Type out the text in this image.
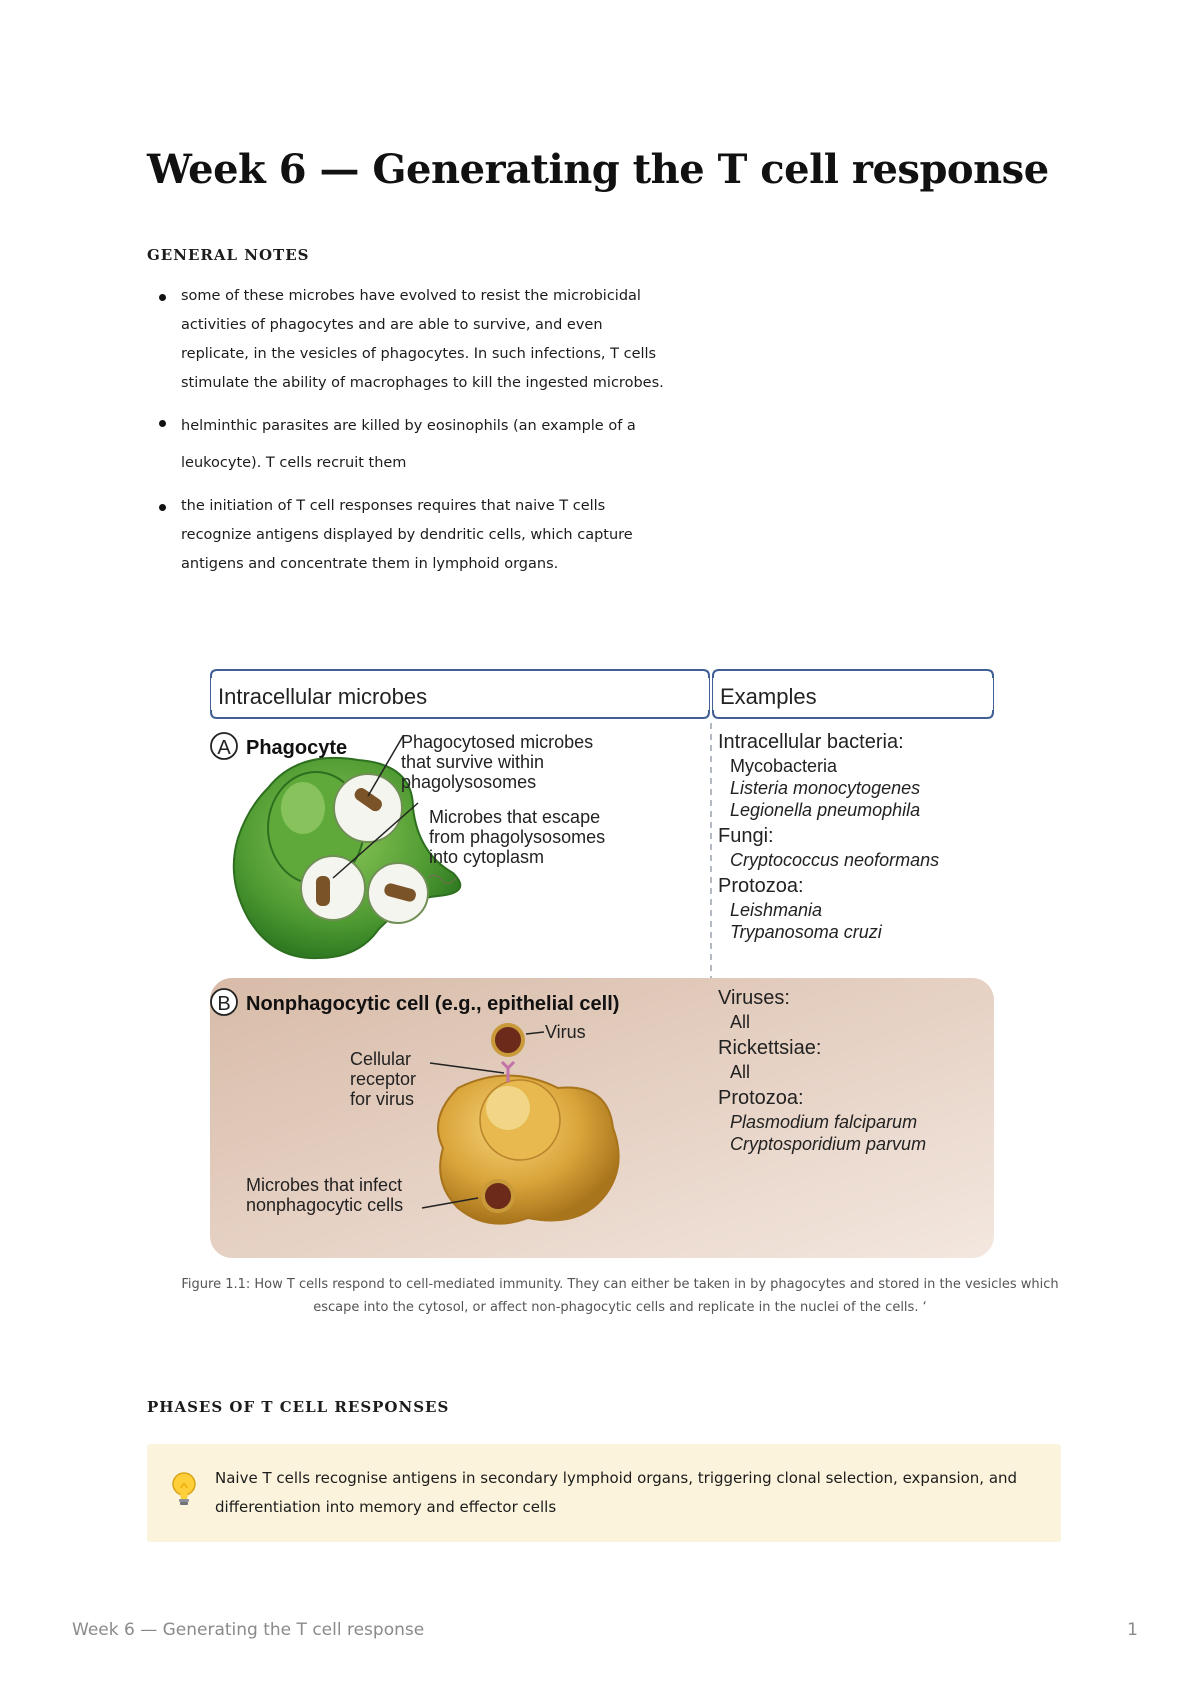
Week 6 — Generating the T cell response
GENERAL NOTES
some of these microbes have evolved to resist the microbicidal activities of phagocytes and are able to survive, and even replicate, in the vesicles of phagocytes. In such infections, T cells stimulate the ability of macrophages to kill the ingested microbes.
helminthic parasites are killed by eosinophils (an example of a leukocyte). T cells recruit them
the initiation of T cell responses requires that naive T cells recognize antigens displayed by dendritic cells, which capture antigens and concentrate them in lymphoid organs.
Intracellular microbes	Examples
A Phagocyte	Phagocytosed microbes
that survive within
phagolysosomes
Microbes that escape
from phagolysosomes
into cytoplasm
B Nonphagocytic cell (e.g., epithelial cell)
Virus
Cellular
receptor
for virus
Microbes that infect
nonphagocytic cells
Intracellular bacteria:
Mycobacteria
Listeria monocytogenes
Legionella pneumophila
Fungi:
Cryptococcus neoformans
Protozoa:
Leishmania
Trypanosoma cruzi
Viruses:
All
Rickettsiae:
All
Protozoa:
Plasmodium falciparum
Cryptosporidium parvum

Figure 1.1: How T cells respond to cell-mediated immunity. They can either be taken in by phagocytes and stored in the vesicles which escape into the cytosol, or affect non-phagocytic cells and replicate in the nuclei of the cells. ‘

PHASES OF T CELL RESPONSES
Naive T cells recognise antigens in secondary lymphoid organs, triggering clonal selection, expansion, and differentiation into memory and effector cells
Week 6 — Generating the T cell response	1
